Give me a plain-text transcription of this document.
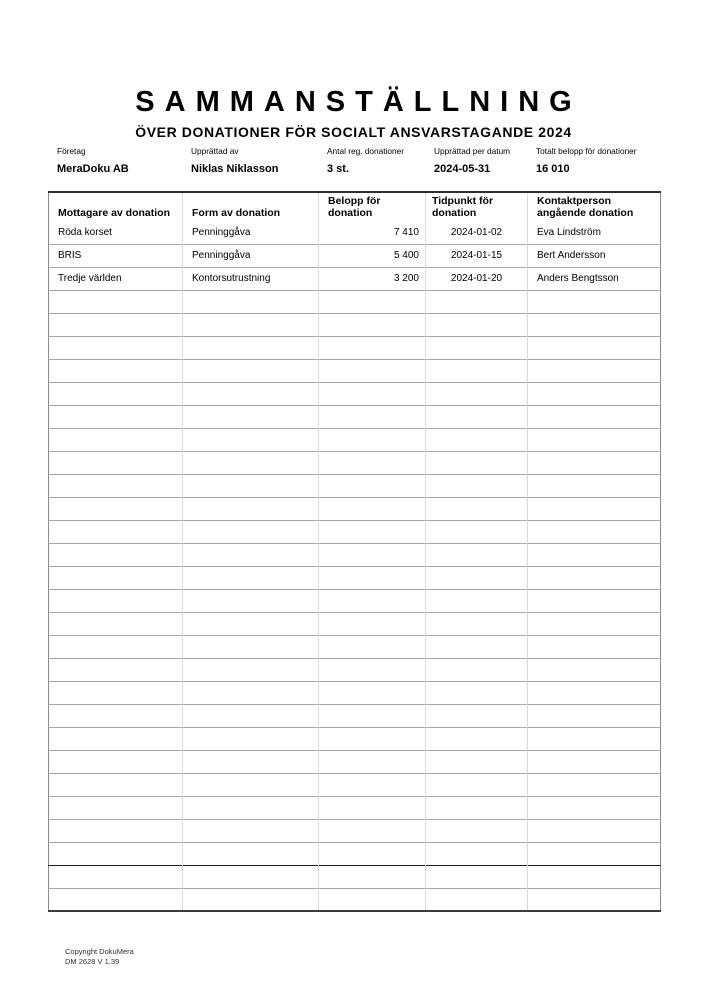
SAMMANSTÄLLNING
ÖVER DONATIONER FÖR SOCIALT ANSVARSTAGANDE 2024
Företag
MeraDoku AB
Upprättad av
Niklas Niklasson
Antal reg. donationer
3 st.
Upprättad per datum
2024-05-31
Totalt belopp för donationer
16 010
Mottagare av donation	Form av donation	Belopp för donation	Tidpunkt för donation	Kontaktperson angående donation
Röda korset	Penninggåva	7 410	2024-01-02	Eva Lindström
BRIS	Penninggåva	5 400	2024-01-15	Bert Andersson
Tredje världen	Kontorsutrustning	3 200	2024-01-20	Anders Bengtsson

Copyright DokuMera
DM 2628 V 1.39
